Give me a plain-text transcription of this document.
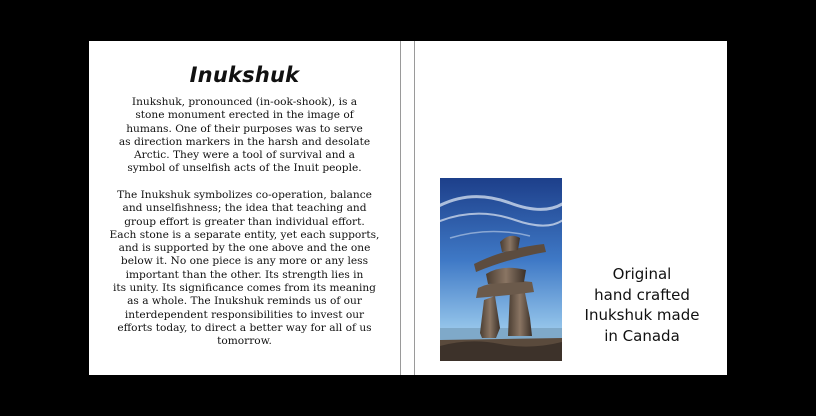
Inukshuk
Inukshuk, pronounced (in-ook-shook), is a
stone monument erected in the image of
humans. One of their purposes was to serve
as direction markers in the harsh and desolate
Arctic. They were a tool of survival and a
symbol of unselfish acts of the Inuit people.
The Inukshuk symbolizes co-operation, balance
and unselfishness; the idea that teaching and
group effort is greater than individual effort.
Each stone is a separate entity, yet each supports,
and is supported by the one above and the one
below it. No one piece is any more or any less
important than the other. Its strength lies in
its unity. Its significance comes from its meaning
as a whole. The Inukshuk reminds us of our
interdependent responsibilities to invest our
efforts today, to direct a better way for all of us
tomorrow.
Original
hand crafted
Inukshuk made
in Canada
